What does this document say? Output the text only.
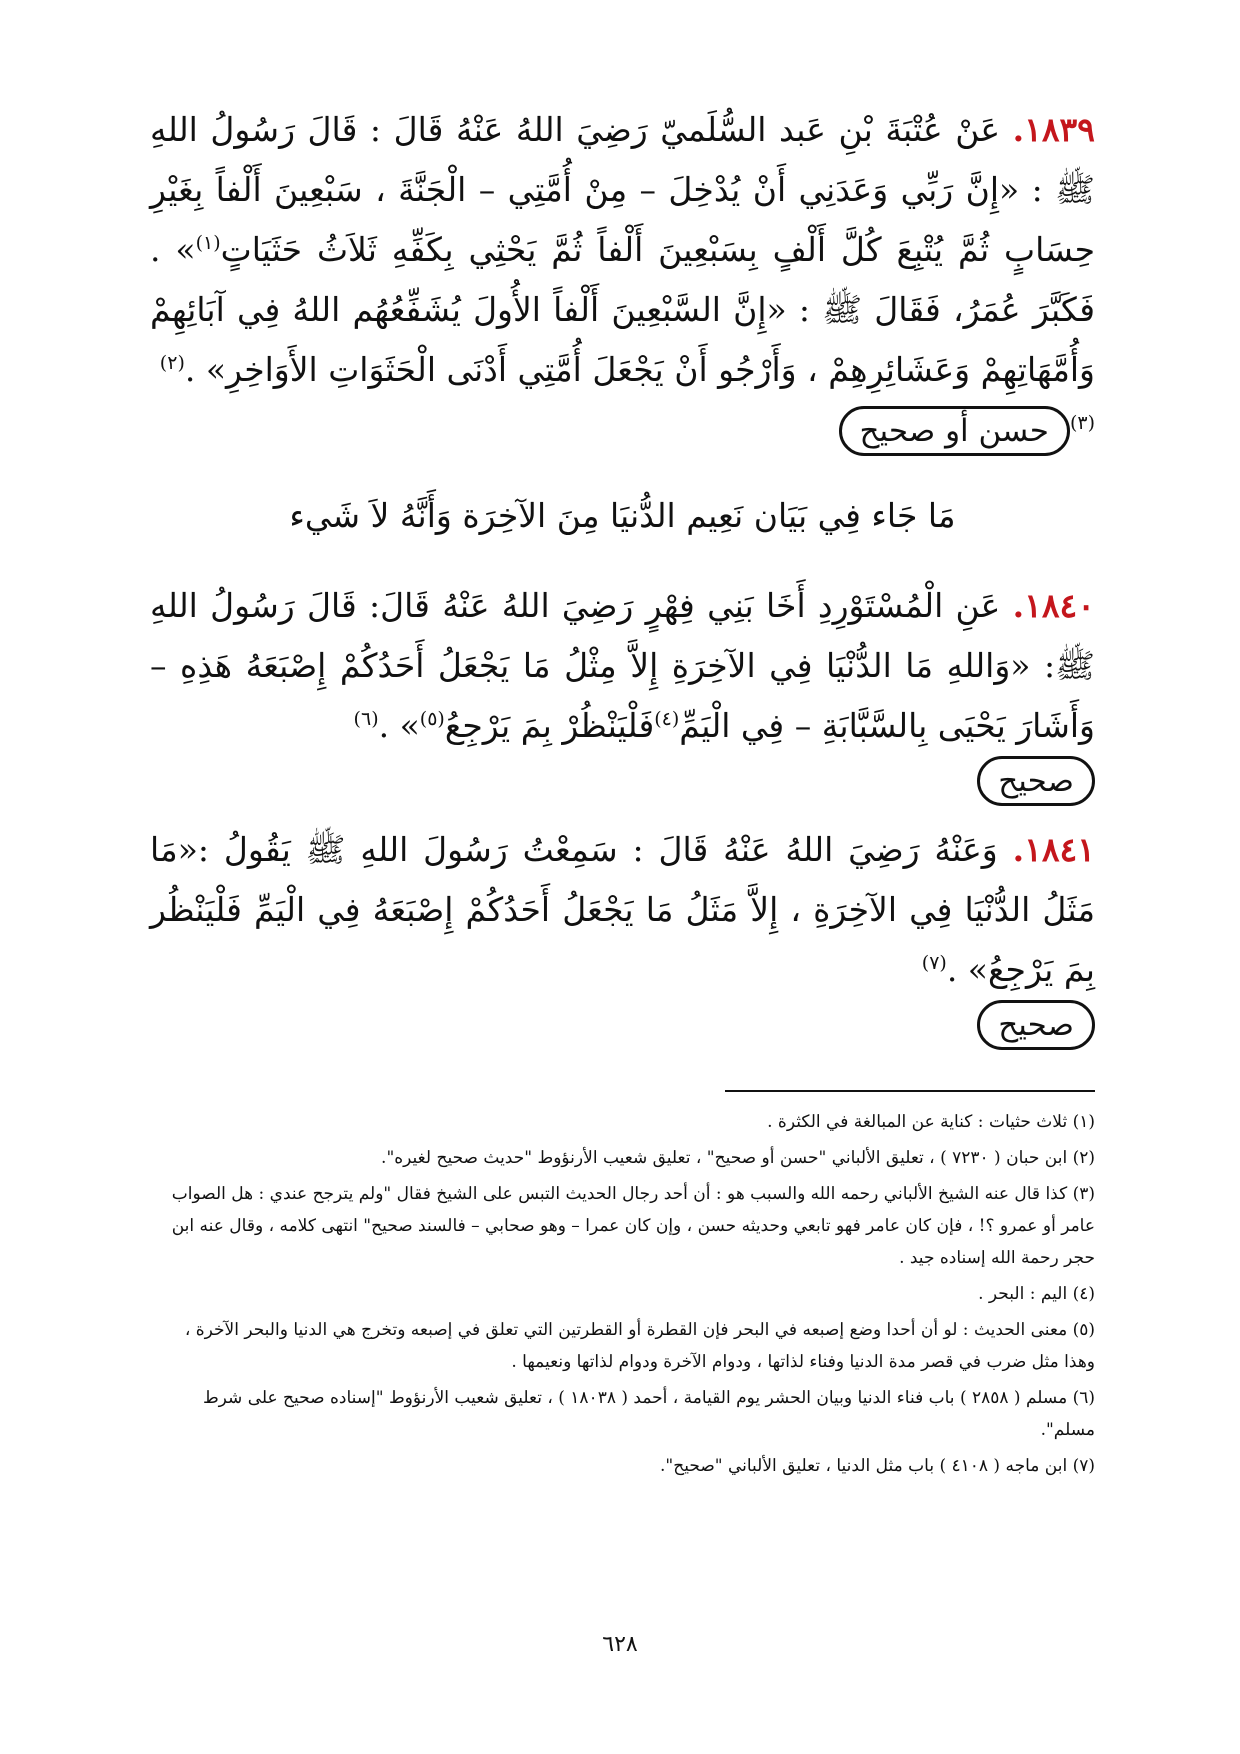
١٨٣٩. عَنْ عُتْبَةَ بْنِ عَبد السُّلَميّ رَضِيَ اللهُ عَنْهُ قَالَ : قَالَ رَسُولُ اللهِ ﷺ : «إِنَّ رَبِّي وَعَدَنِي أَنْ يُدْخِلَ – مِنْ أُمَّتِي – الْجَنَّةَ ، سَبْعِينَ أَلْفاً بِغَيْرِ حِسَابٍ ثُمَّ يُتْبِعَ كُلَّ أَلْفٍ بِسَبْعِينَ أَلْفاً ثُمَّ يَحْثِي بِكَفِّهِ ثَلاَثُ حَثَيَاتٍ$^{(١)}$» . فَكَبَّرَ عُمَرُ، فَقَالَ ﷺ : «إِنَّ السَّبْعِينَ أَلْفاً الأُولَ يُشَفِّعُهُم اللهُ فِي آبَائِهِمْ وَأُمَّهَاتِهِمْ وَعَشَائِرِهِمْ ، وَأَرْجُو أَنْ يَجْعَلَ أُمَّتِي أَدْنَى الْحَثَوَاتِ الأَوَاخِرِ» .$^{(٢)}$
$^{(٣)}$حسن أو صحيح
مَا جَاء فِي بَيَان نَعِيم الدُّنيَا مِنَ الآخِرَة وَأَنَّهُ لاَ شَيء
١٨٤٠. عَنِ الْمُسْتَوْرِدِ أَخَا بَنِي فِهْرٍ رَضِيَ اللهُ عَنْهُ قَالَ: قَالَ رَسُولُ اللهِ ﷺ: «وَاللهِ مَا الدُّنْيَا فِي الآخِرَةِ إِلاَّ مِثْلُ مَا يَجْعَلُ أَحَدُكُمْ إِصْبَعَهُ هَذِهِ – وَأَشَارَ يَحْيَى بِالسَّبَّابَةِ – فِي الْيَمِّ$^{(٤)}$فَلْيَنْظُرْ بِمَ يَرْجِعُ$^{(٥)}$» .$^{(٦)}$
صحيح
١٨٤١. وَعَنْهُ رَضِيَ اللهُ عَنْهُ قَالَ : سَمِعْتُ رَسُولَ اللهِ ﷺ يَقُولُ :«مَا مَثَلُ الدُّنْيَا فِي الآخِرَةِ ، إِلاَّ مَثَلُ مَا يَجْعَلُ أَحَدُكُمْ إِصْبَعَهُ فِي الْيَمِّ فَلْيَنْظُر بِمَ يَرْجِعُ» .$^{(٧)}$
صحيح
(١) ثلاث حثيات : كناية عن المبالغة في الكثرة .
(٢) ابن حبان ( ٧٢٣٠ ) ، تعليق الألباني "حسن أو صحيح" ، تعليق شعيب الأرنؤوط "حديث صحيح لغيره".
(٣) كذا قال عنه الشيخ الألباني رحمه الله والسبب هو : أن أحد رجال الحديث التبس على الشيخ فقال "ولم يترجح عندي : هل الصواب عامر أو عمرو ؟! ، فإن كان عامر فهو تابعي وحديثه حسن ، وإن كان عمرا – وهو صحابي – فالسند صحيح" انتهى كلامه ، وقال عنه ابن حجر رحمة الله إسناده جيد .
(٤) اليم : البحر .
(٥) معنى الحديث : لو أن أحدا وضع إصبعه في البحر فإن القطرة أو القطرتين التي تعلق في إصبعه وتخرج هي الدنيا والبحر الآخرة ، وهذا مثل ضرب في قصر مدة الدنيا وفناء لذاتها ، ودوام الآخرة ودوام لذاتها ونعيمها .
(٦) مسلم ( ٢٨٥٨ ) باب فناء الدنيا وبيان الحشر يوم القيامة ، أحمد ( ١٨٠٣٨ ) ، تعليق شعيب الأرنؤوط "إسناده صحيح على شرط مسلم".
(٧) ابن ماجه ( ٤١٠٨ ) باب مثل الدنيا ، تعليق الألباني "صحيح".
٦٢٨
